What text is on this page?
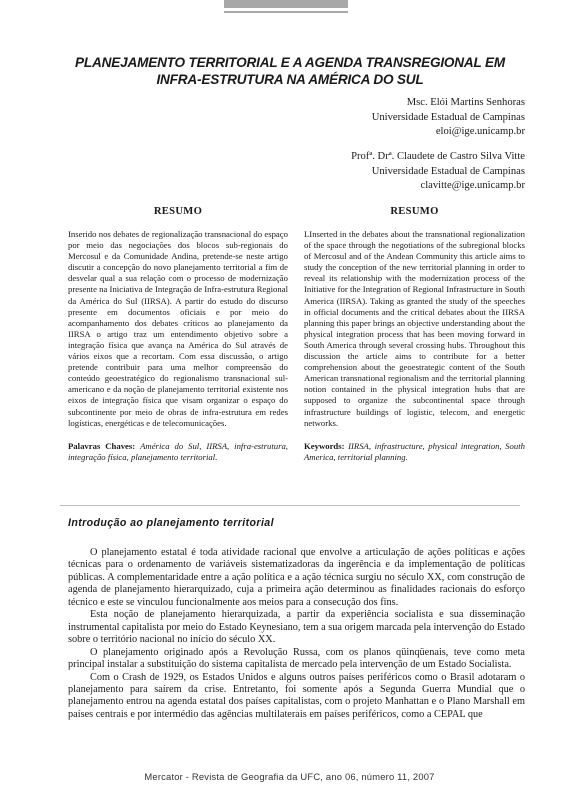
PLANEJAMENTO TERRITORIAL E A AGENDA TRANSREGIONAL EM INFRA-ESTRUTURA NA AMÉRICA DO SUL
Msc. Elói Martins Senhoras
Universidade Estadual de Campinas
eloi@ige.unicamp.br
Profª. Drª. Claudete de Castro Silva Vitte
Universidade Estadual de Campinas
clavitte@ige.unicamp.br
RESUMO

Inserido nos debates de regionalização transnacional do espaço por meio das negociações dos blocos sub-regionais do Mercosul e da Comunidade Andina, pretende-se neste artigo discutir a concepção do novo planejamento territorial a fim de desvelar qual a sua relação com o processo de modernização presente na Iniciativa de Integração de Infra-estrutura Regional da América do Sul (IIRSA). A partir do estudo do discurso presente em documentos oficiais e por meio do acompanhamento dos debates críticos ao planejamento da IIRSA o artigo traz um entendimento objetivo sobre a integração física que avança na América do Sul através de vários eixos que a recortam. Com essa discussão, o artigo pretende contribuir para uma melhor compreensão do conteúdo geoestratégico do regionalismo transnacional sul-americano e da noção de planejamento territorial existente nos eixos de integração física que visam organizar o espaço do subcontinente por meio de obras de infra-estrutura em redes logísticas, energéticas e de telecomunicações.

Palavras Chaves: América do Sul, IIRSA, infra-estrutura, integração física, planejamento territorial.

RESUMO

LInserted in the debates about the transnational regionalization of the space through the negotiations of the subregional blocks of Mercosul and of the Andean Community this article aims to study the conception of the new territorial planning in order to reveal its relationship with the modernization process of the Initiative for the Integration of Regional Infrastructure in South America (IIRSA). Taking as granted the study of the speeches in official documents and the critical debates about the IIRSA planning this paper brings an objective understanding about the physical integration process that has been moving forward in South America through several crossing hubs. Throughout this discussion the article aims to contribute for a better comprehension about the geoestrategic content of the South American transnational regionalism and the territorial planning notion contained in the physical integration hubs that are supposed to organize the subcontinental space through infrastructure buildings of logistic, telecom, and energetic networks.

Keywords: IIRSA, infrastructure, physical integration, South America, territorial planning.

Introdução ao planejamento territorial

O planejamento estatal é toda atividade racional que envolve a articulação de ações políticas e ações técnicas para o ordenamento de variáveis sistematizadoras da ingerência e da implementação de políticas públicas. A complementaridade entre a ação política e a ação técnica surgiu no século XX, com construção de agenda de planejamento hierarquizado, cuja a primeira ação determinou as finalidades racionais do esforço técnico e este se vinculou funcionalmente aos meios para a consecução dos fins.

Esta noção de planejamento hierarquizada, a partir da experiência socialista e sua disseminação instrumental capitalista por meio do Estado Keynesiano, tem a sua origem marcada pela intervenção do Estado sobre o território nacional no início do século XX.

O planejamento originado após a Revolução Russa, com os planos qüinqüenais, teve como meta principal instalar a substituição do sistema capitalista de mercado pela intervenção de um Estado Socialista.

Com o Crash de 1929, os Estados Unidos e alguns outros países periféricos como o Brasil adotaram o planejamento para saírem da crise. Entretanto, foi somente após a Segunda Guerra Mundial que o planejamento entrou na agenda estatal dos países capitalistas, com o projeto Manhattan e o Plano Marshall em países centrais e por intermédio das agências multilaterais em países periféricos, como a CEPAL que

Mercator - Revista de Geografia da UFC, ano 06, número 11, 2007
